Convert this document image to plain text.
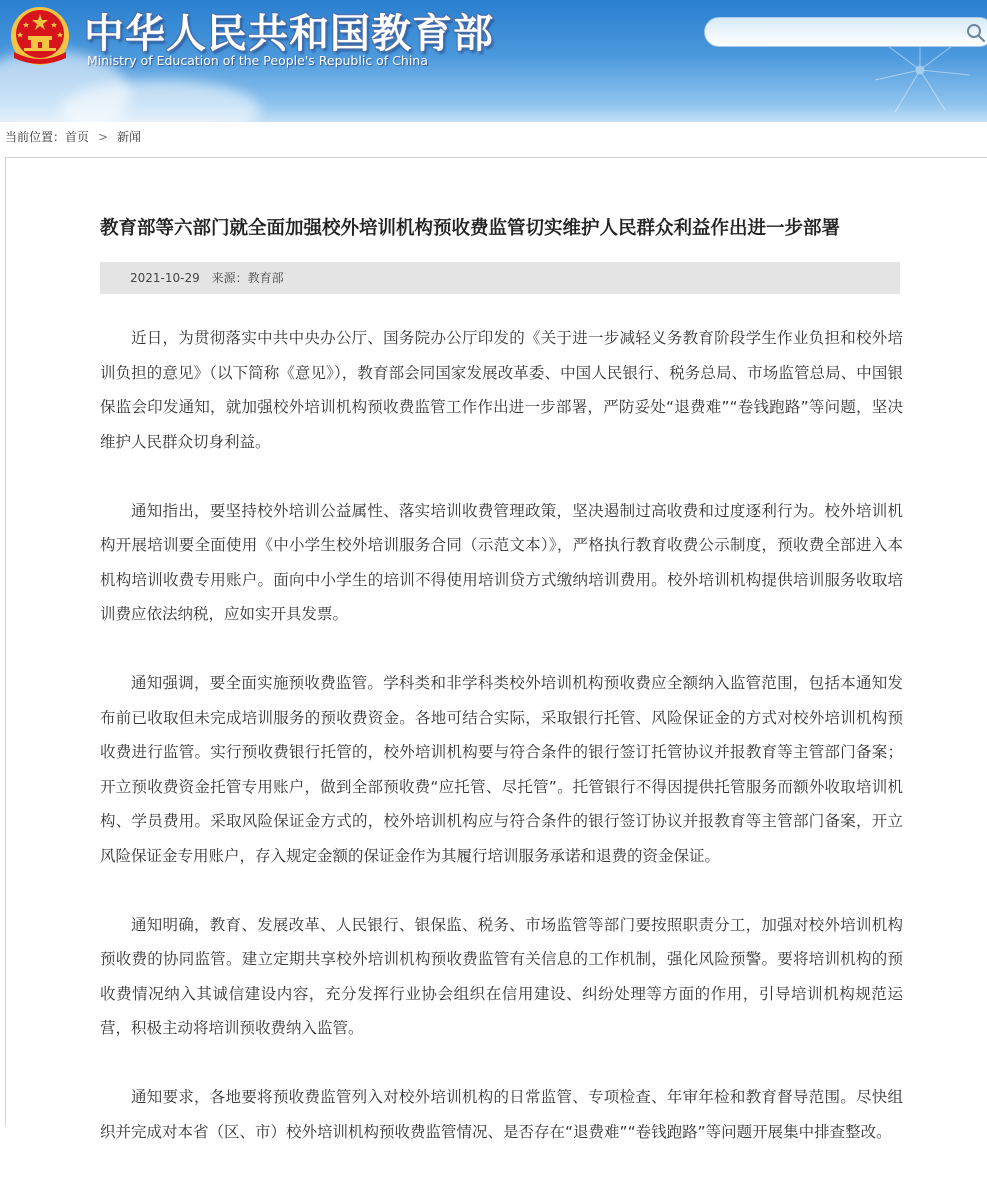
中华人民共和国教育部
Ministry of Education of the People's Republic of China
当前位置：首页 > 新闻
教育部等六部门就全面加强校外培训机构预收费监管切实维护人民群众利益作出进一步部署
2021-10-29 来源：教育部

近日，为贯彻落实中共中央办公厅、国务院办公厅印发的《关于进一步减轻义务教育阶段学生作业负担和校外培训负担的意见》（以下简称《意见》），教育部会同国家发展改革委、中国人民银行、税务总局、市场监管总局、中国银保监会印发通知，就加强校外培训机构预收费监管工作作出进一步部署，严防妥处“退费难”“卷钱跑路”等问题，坚决维护人民群众切身利益。

通知指出，要坚持校外培训公益属性、落实培训收费管理政策，坚决遏制过高收费和过度逐利行为。校外培训机构开展培训要全面使用《中小学生校外培训服务合同（示范文本）》，严格执行教育收费公示制度，预收费全部进入本机构培训收费专用账户。面向中小学生的培训不得使用培训贷方式缴纳培训费用。校外培训机构提供培训服务收取培训费应依法纳税，应如实开具发票。

通知强调，要全面实施预收费监管。学科类和非学科类校外培训机构预收费应全额纳入监管范围，包括本通知发布前已收取但未完成培训服务的预收费资金。各地可结合实际，采取银行托管、风险保证金的方式对校外培训机构预收费进行监管。实行预收费银行托管的，校外培训机构要与符合条件的银行签订托管协议并报教育等主管部门备案；开立预收费资金托管专用账户，做到全部预收费“应托管、尽托管”。托管银行不得因提供托管服务而额外收取培训机构、学员费用。采取风险保证金方式的，校外培训机构应与符合条件的银行签订协议并报教育等主管部门备案，开立风险保证金专用账户，存入规定金额的保证金作为其履行培训服务承诺和退费的资金保证。

通知明确，教育、发展改革、人民银行、银保监、税务、市场监管等部门要按照职责分工，加强对校外培训机构预收费的协同监管。建立定期共享校外培训机构预收费监管有关信息的工作机制，强化风险预警。要将培训机构的预收费情况纳入其诚信建设内容，充分发挥行业协会组织在信用建设、纠纷处理等方面的作用，引导培训机构规范运营，积极主动将培训预收费纳入监管。

通知要求，各地要将预收费监管列入对校外培训机构的日常监管、专项检查、年审年检和教育督导范围。尽快组织并完成对本省（区、市）校外培训机构预收费监管情况、是否存在“退费难”“卷钱跑路”等问题开展集中排查整改。
